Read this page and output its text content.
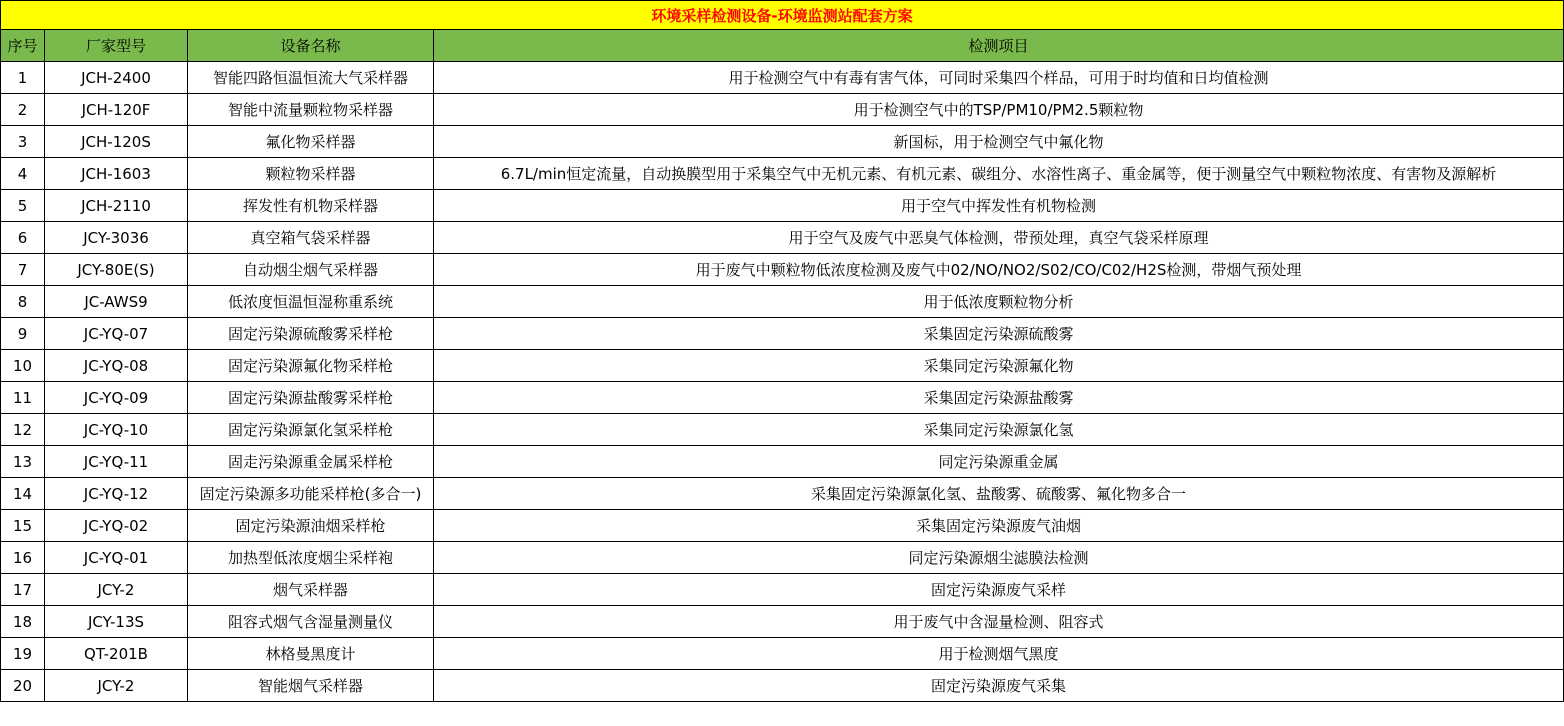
环境采样检测设备-环境监测站配套方案			
序号	厂家型号	设备名称	检测项目
1	JCH-2400	智能四路恒温恒流大气采样器	用于检测空气中有毒有害气体，可同时采集四个样品，可用于时均值和日均值检测
2	JCH-120F	智能中流量颗粒物采样器	用于检测空气中的TSP/PM10/PM2.5颗粒物
3	JCH-120S	氟化物采样器	新国标，用于检测空气中氟化物
4	JCH-1603	颗粒物采样器	6.7L/min恒定流量，自动换膜型用于采集空气中无机元素、有机元素、碳组分、水溶性离子、重金属等，便于测量空气中颗粒物浓度、有害物及源解析
5	JCH-2110	挥发性有机物采样器	用于空气中挥发性有机物检测
6	JCY-3036	真空箱气袋采样器	用于空气及废气中恶臭气体检测，带预处理，真空气袋采样原理
7	JCY-80E(S)	自动烟尘烟气采样器	用于废气中颗粒物低浓度检测及废气中02/NO/NO2/S02/CO/C02/H2S检测，带烟气预处理
8	JC-AWS9	低浓度恒温恒湿称重系统	用于低浓度颗粒物分析
9	JC-YQ-07	固定污染源硫酸雾采样枪	采集固定污染源硫酸雾
10	JC-YQ-08	固定污染源氟化物采样枪	采集同定污染源氟化物
11	JC-YQ-09	固定污染源盐酸雾采样枪	采集固定污染源盐酸雾
12	JC-YQ-10	固定污染源氯化氢采样枪	采集同定污染源氯化氢
13	JC-YQ-11	固走污染源重金属采样枪	同定污染源重金属
14	JC-YQ-12	固定污染源多功能采样枪(多合一)	采集固定污染源氯化氢、盐酸雾、硫酸雾、氟化物多合一
15	JC-YQ-02	固定污染源油烟采样枪	采集固定污染源废气油烟
16	JC-YQ-01	加热型低浓度烟尘采样袍	同定污染源烟尘滤膜法检测
17	JCY-2	烟气采样器	固定污染源废气采样
18	JCY-13S	阻容式烟气含湿量测量仪	用于废气中含湿量检测、阻容式
19	QT-201B	林格曼黑度计	用于检测烟气黑度
20	JCY-2	智能烟气采样器	固定污染源废气采集
